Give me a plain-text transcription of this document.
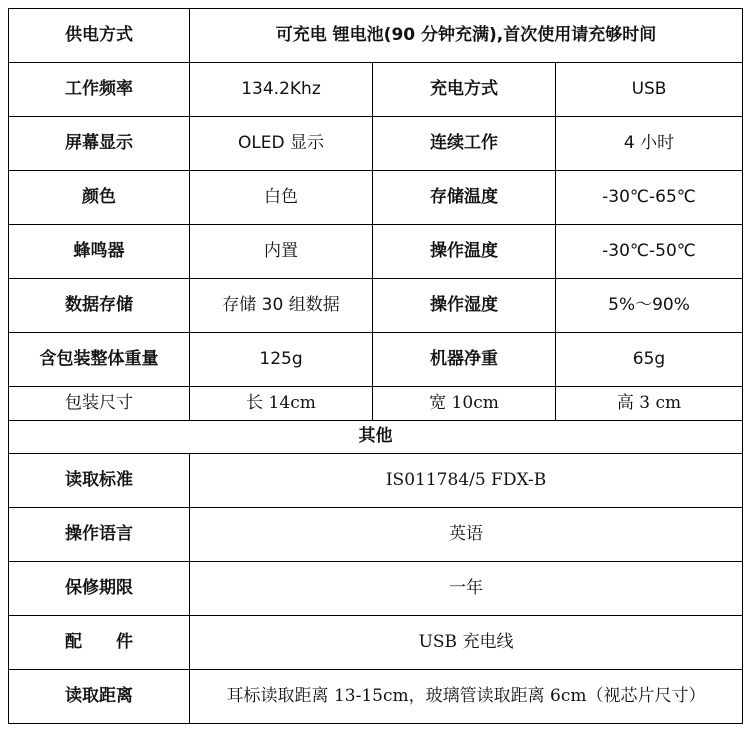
供电方式	可充电 锂电池(90 分钟充满),首次使用请充够时间		
工作频率	134.2Khz	充电方式	USB
屏幕显示	OLED 显示	连续工作	4 小时
颜色	白色	存储温度	-30℃-65℃
蜂鸣器	内置	操作温度	-30℃-50℃
数据存储	存储 30 组数据	操作湿度	5%～90%
含包装整体重量	125g	机器净重	65g
包装尺寸	长 14cm	宽 10cm	高 3 cm
其他			
读取标准	IS011784/5 FDX-B		
操作语言	英语		
保修期限	一年		
配　　件	USB 充电线		
读取距离	耳标读取距离 13-15cm，玻璃管读取距离 6cm（视芯片尺寸）		
